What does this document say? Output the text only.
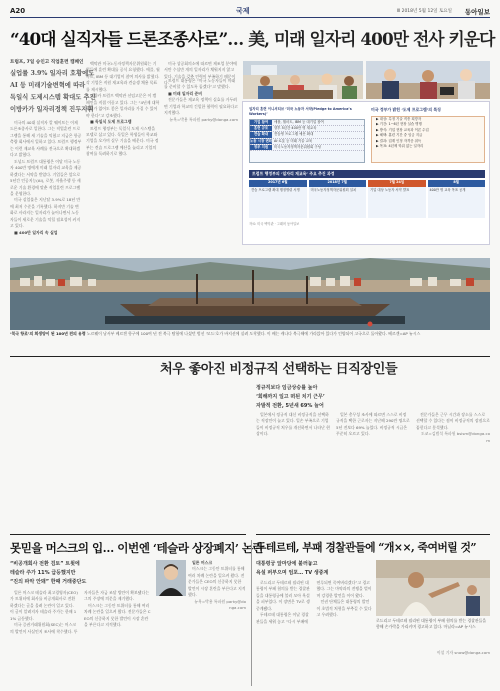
A20	국제	Ⅲ 2018년 5월 12일 토요일 동아일보
“40대 실직자들 드론조종사로”… 美, 미래 일자리 400만 전사 키운다
트럼프, 7일 승인고 직업훈련 캠페인
실업률 3.9% 일자리 호황에도
AI 등 미래기술변혁에 따라
독일식 도제시스템 확대도 추진
이방카가 일자리정책 진두지휘

미국의 40대 실직자 칼 웨이트는 이제 드론조종사로 일한다. 그는 직업훈련 프로그램을 통해 새 기술을 익혔고 지금은 항공 측량 회사에서 일하고 있다. 트럼프 행정부는 이런 재교육 사례를 전국으로 확대하겠다고 밝혔다.

도널드 트럼프 대통령은 이달 미국 노동자 400만 명에게 미래 일자리 교육을 제공하겠다는 서약을 받았다. 기업들은 앞으로 5년간 인공지능(AI), 로봇, 자율주행 등 새로운 기술 환경에 맞춘 직업훈련 프로그램을 운영한다.

미국 실업률은 지난달 3.9%로 18년 만에 최저 수준을 기록했다. 하지만 기술 변화로 사라지는 일자리가 늘어나면서 노동자들이 새로운 기술을 익힐 필요성이 커지고 있다.

■ 400만 일자리 속 실업

백악관 미국노동자정책자문위원회는 기업들에 훈련 확대를 공식 요청했다. 애플, 월마트, IBM 등 대기업이 참여 의사를 밝혔다. 각 기업은 직원 재교육과 견습생 채용 목표를 제시했다.

이방카 트럼프 백악관 선임고문은 이 캠페인을 직접 이끌고 있다. 그는 “4년제 대학 학위가 없어도 좋은 일자리를 가질 수 있어야 한다”고 강조했다.

■ 독일식 도제 프로그램

트럼프 행정부는 독일식 도제 시스템을 모델로 삼고 있다. 독일은 학생들이 학교와 기업을 오가며 실무 기술을 배운다. 미국 정부는 견습 프로그램 예산을 늘리고 기업의 참여를 독려하기로 했다.

미국 상공회의소에 따르면 제조업 분야에서만 수십만 개의 일자리가 채워지지 않고 있다. 기술을 갖춘 인력이 부족하기 때문이다. 트럼프 대통령은 “미국 노동자들이 미래를 준비할 수 있도록 돕겠다”고 말했다.

■ 미래 일자리 준비

전문가들은 재교육 정책이 실효를 거두려면 기업과 학교의 긴밀한 협력이 필요하다고 지적했다.

뉴욕=박용 특파원 parky@donga.com

일자리 훈련 이니셔티브 ‘미국 노동자 서약(Pledge to America’s Workers)’
기업 참여	애플, 월마트, IBM 등 대기업 참여
훈련 규모	향후 5년간 400만 명 재교육
견습 확대	견습생 프로그램 예산 확대
노동 시장 변화 AI·로봇 등 미래 기술 교육
정부 지원	미국노동자정책자문위원회 구성
미국 정부가 밝힌 ‘도제 프로그램’의 특징
▶ 대상: 특정 기술 직종 희망자
▶ 기간: 1~6년 현장 실습 병행
▶ 방식: 기업 현장 교육과 이론 수업
▶ 혜택: 훈련 기간 중 임금 지급
▶ 결과: 업계 인정 자격증 취득
▶ 목표: 4년제 학위 없는 일자리
트럼프 행정부의 ‘일자리 재교육’ 주요 추진 과정
2017년 6월
견습 프로그램 확대 행정명령 서명
2018년 7월
미국노동자정책자문위원회 설치
7월 24일
기업 대상 노동자 서약 발표
8월
400만 명 교육 목표 공개
자료: 미국 백악관 · 그래픽 동아일보
‘북극 항로’의 희생양이 된 100년 전의 유령 노르웨이 남서부 베르겐 항구에 100여 년 전 북극 탐험에 나섰던 범선 ‘모드’호가 바지선에 실려 도착했다. 이 배는 캐나다 북극해에 가라앉아 있다가 인양되어 고국으로 돌아왔다. 베르겐=AP 뉴시스
처우 좋아진 비정규직 선택하는 日직장인들
정규직보다 임금상승률 높아
‘회해까지 일고 떠된 치기 근무’
자발적 전환, 5년새 69% 늘어

일본에서 정규직 대신 비정규직을 선택하는 직장인이 늘고 있다. 일손 부족으로 기업들이 비정규직 처우를 개선하면서 나타난 현상이다.

일본 총무성 조사에 따르면 스스로 비정규직을 택한 근로자는 지난해 290만 명으로 5년 전보다 69% 늘었다. 비정규직 시급은 꾸준히 오르고 있다.

전문가들은 근무 시간과 장소를 스스로 선택할 수 있다는 점이 비정규직의 장점으로 꼽힌다고 분석했다.

도쿄=김범석 특파원 bsism@donga.com

못믿을 머스크의 입… 이번엔 ‘테슬라 상장폐지’ 논란
“비공개회사 전환 검토” 트윗에
테슬라 주가 11% 급등했지만
“진의 파악 안돼” 한때 거래중단도

일론 머스크 테슬라 최고경영자(CEO)가 트위터에 회사를 비공개회사로 전환하겠다는 글을 올려 논란이 일고 있다. 이 글이 알려지자 테슬라 주가는 한때 11% 급등했다.

미국 증권거래위원회(SEC)는 머스크의 발언이 사실인지 조사에 착수했다. 투자자들은 자금 조달 방안이 확보됐다는 그의 주장에 의문을 제기했다.

머스크는 그동안 트위터를 통해 여러 차례 논란을 일으켜 왔다. 전문가들은 CEO의 신중하지 못한 발언이 시장 혼란을 부른다고 지적했다.

일론 머스크

머스크는 그동안 트위터를 통해 여러 차례 논란을 일으켜 왔다. 전문가들은 CEO의 신중하지 못한 발언이 시장 혼란을 부른다고 지적했다.

뉴욕=박용 특파원 parky@donga.com

두테르테, 부패 경찰관들에 “개××, 죽여버릴 것”
대통령궁 앞마당에 불러놓고
욕설 퍼부으며 엄포… TV 생중계

로드리고 두테르테 필리핀 대통령이 부패 혐의를 받는 경찰관들을 대통령궁에 불러 모아 욕설을 퍼부었다. 이 장면은 TV로 생중계됐다.

두테르테 대통령은 이날 경찰관들을 세워 놓고 “다시 부패에 연루되면 죽여버리겠다”고 경고했다. 그는 마약과의 전쟁을 벌이며 강경한 발언을 이어 왔다.

인권 단체들은 대통령의 발언이 초법적 처형을 부추길 수 있다고 우려했다.

로드리고 두테르테 필리핀 대통령이 부패 혐의를 받는 경찰관들을 향해 손가락을 가리키며 경고하고 있다. 마닐라=AP 뉴시스

이설 기자 snow@donga.com
